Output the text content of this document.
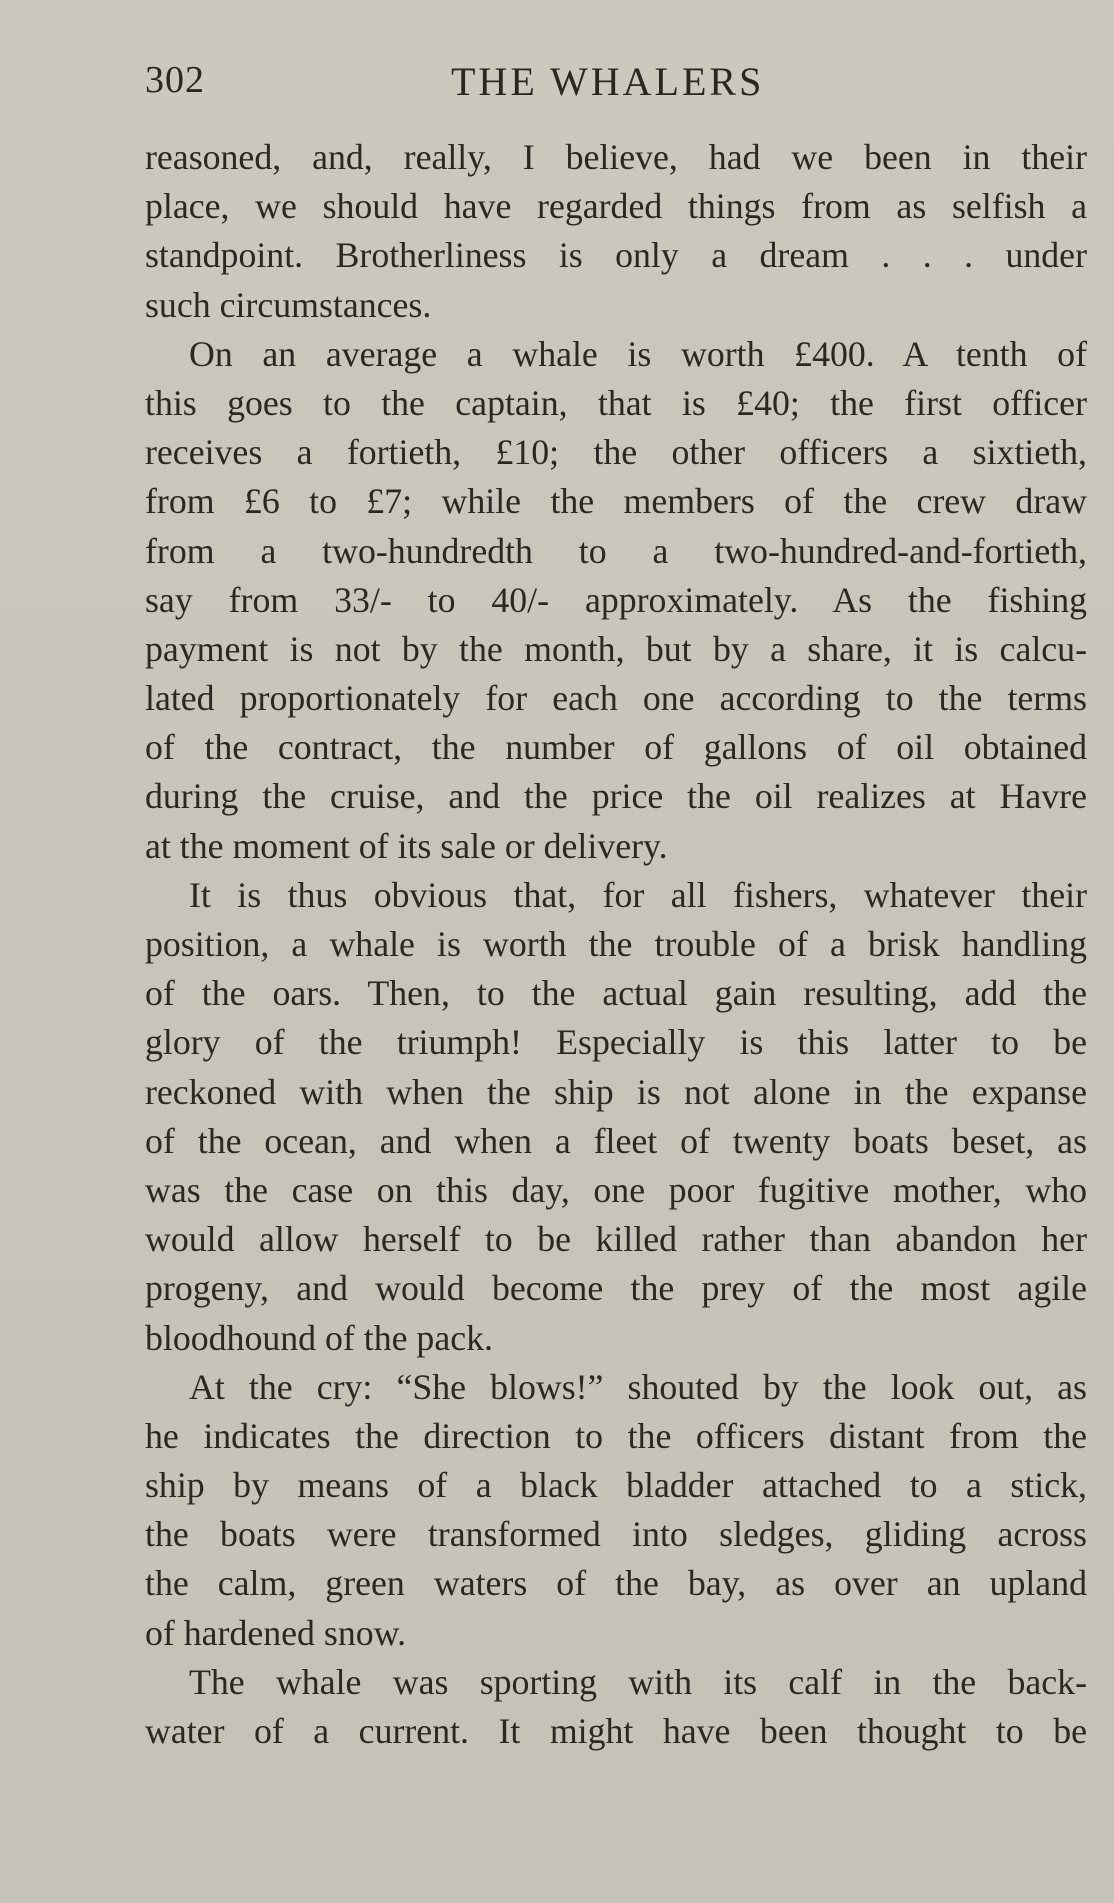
302	THE WHALERS
reasoned, and, really, I believe, had we been in their
place, we should have regarded things from as selfish a
standpoint. Brotherliness is only a dream . . . under
such circumstances.
On an average a whale is worth £400. A tenth of
this goes to the captain, that is £40; the first officer
receives a fortieth, £10; the other officers a sixtieth,
from £6 to £7; while the members of the crew draw
from a two-hundredth to a two-hundred-and-fortieth,
say from 33/- to 40/- approximately. As the fishing
payment is not by the month, but by a share, it is calcu-
lated proportionately for each one according to the terms
of the contract, the number of gallons of oil obtained
during the cruise, and the price the oil realizes at Havre
at the moment of its sale or delivery.
It is thus obvious that, for all fishers, whatever their
position, a whale is worth the trouble of a brisk handling
of the oars. Then, to the actual gain resulting, add the
glory of the triumph! Especially is this latter to be
reckoned with when the ship is not alone in the expanse
of the ocean, and when a fleet of twenty boats beset, as
was the case on this day, one poor fugitive mother, who
would allow herself to be killed rather than abandon her
progeny, and would become the prey of the most agile
bloodhound of the pack.
At the cry: “She blows!” shouted by the look out, as
he indicates the direction to the officers distant from the
ship by means of a black bladder attached to a stick,
the boats were transformed into sledges, gliding across
the calm, green waters of the bay, as over an upland
of hardened snow.
The whale was sporting with its calf in the back-
water of a current. It might have been thought to be
